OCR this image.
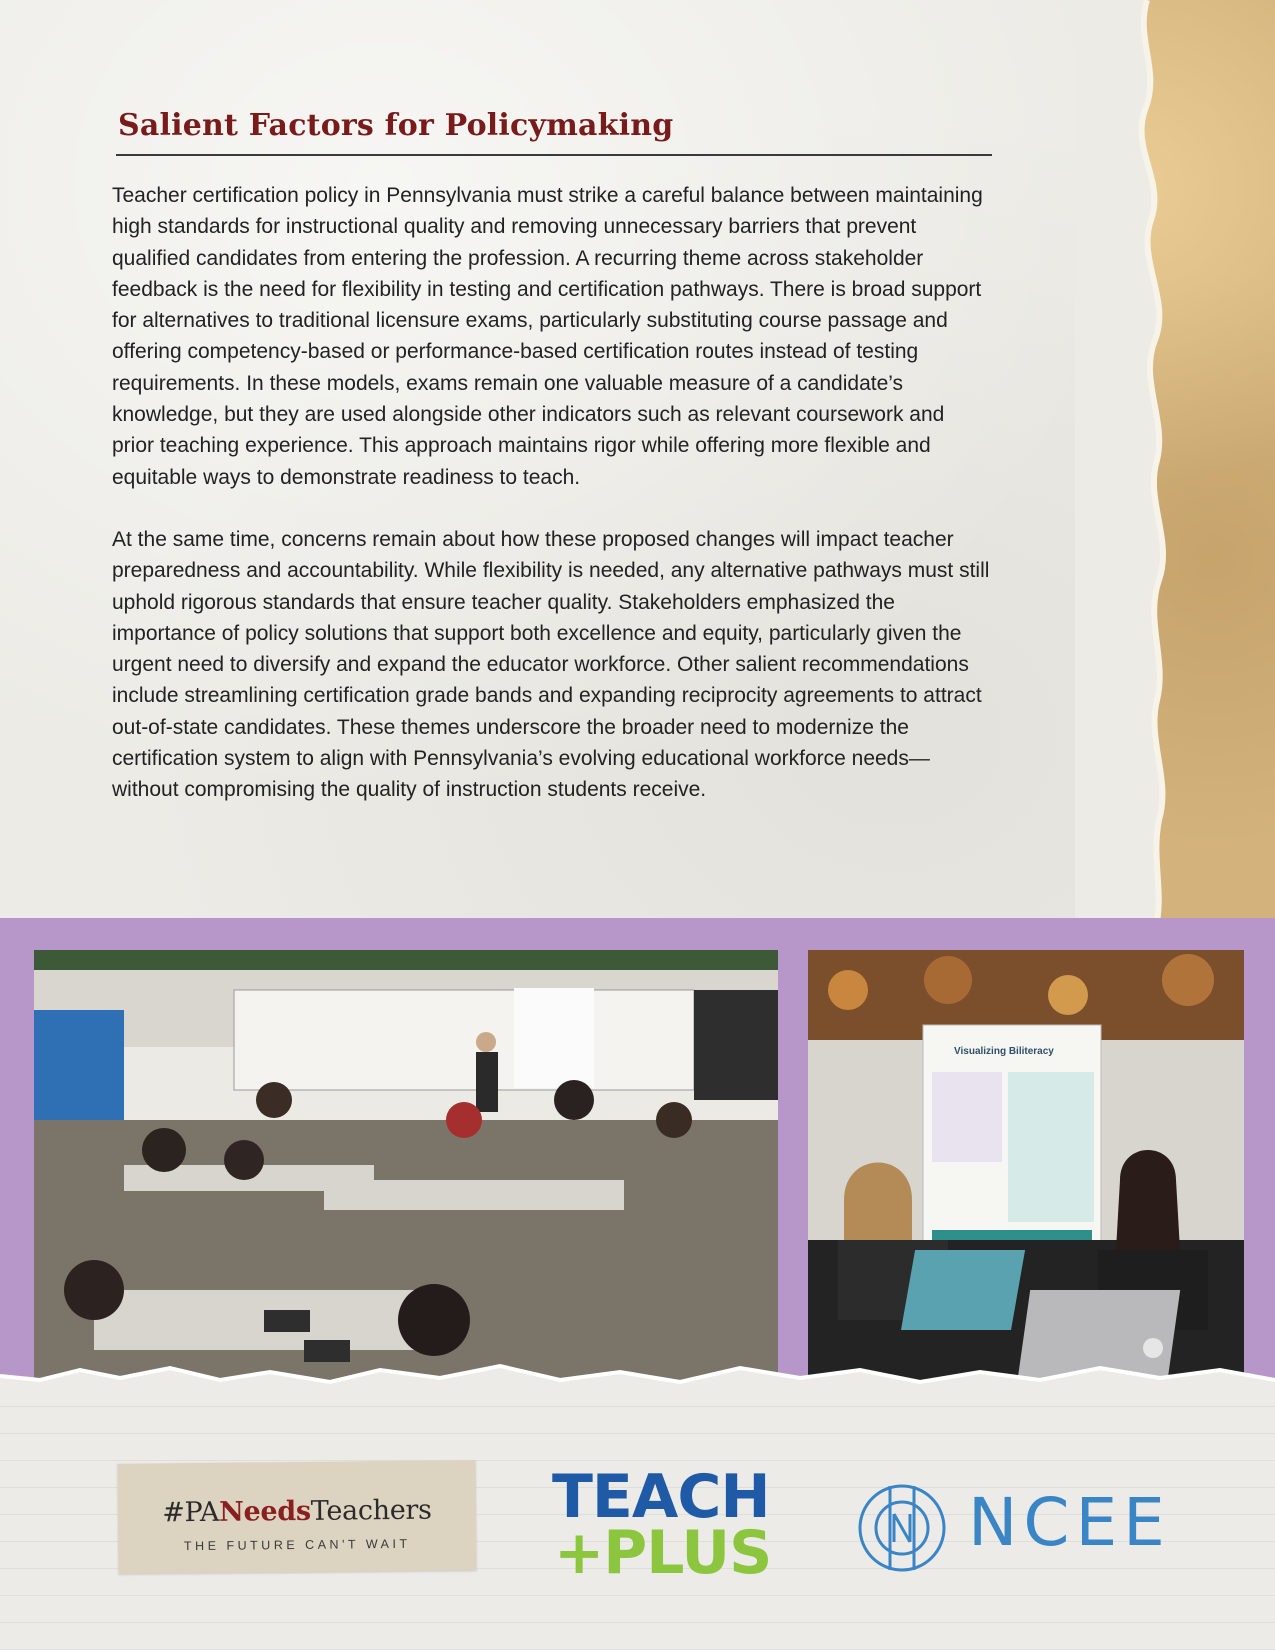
Salient Factors for Policymaking

Teacher certification policy in Pennsylvania must strike a careful balance between maintaining high standards for instructional quality and removing unnecessary barriers that prevent qualified candidates from entering the profession. A recurring theme across stakeholder feedback is the need for flexibility in testing and certification pathways. There is broad support for alternatives to traditional licensure exams, particularly substituting course passage and offering competency-based or performance-based certification routes instead of testing requirements. In these models, exams remain one valuable measure of a candidate’s knowledge, but they are used alongside other indicators such as relevant coursework and prior teaching experience. This approach maintains rigor while offering more flexible and equitable ways to demonstrate readiness to teach.

At the same time, concerns remain about how these proposed changes will impact teacher preparedness and accountability. While flexibility is needed, any alternative pathways must still uphold rigorous standards that ensure teacher quality. Stakeholders emphasized the importance of policy solutions that support both excellence and equity, particularly given the urgent need to diversify and expand the educator workforce. Other salient recommendations include streamlining certification grade bands and expanding reciprocity agreements to attract out-of-state candidates. These themes underscore the broader need to modernize the certification system to align with Pennsylvania’s evolving educational workforce needs—without compromising the quality of instruction students receive.

Visualizing Biliteracy
#PANeedsTeachers
THE FUTURE CAN'T WAIT
TEACH
+PLUS	NCEE
